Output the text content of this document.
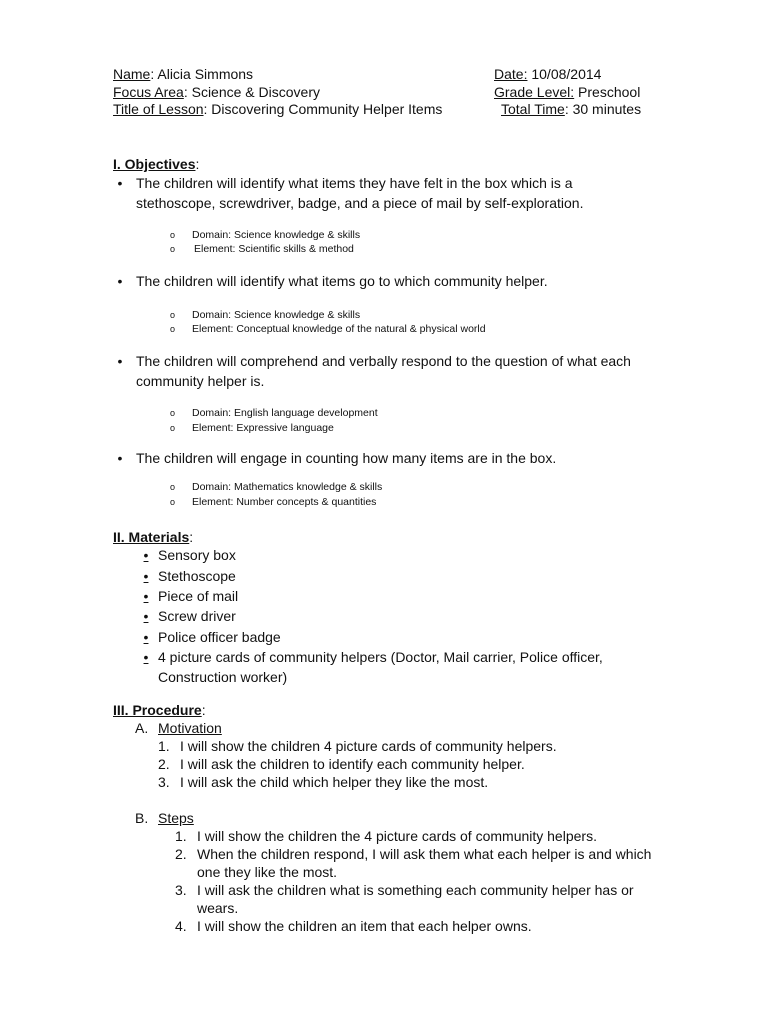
Name: Alicia Simmons	Date: 10/08/2014
Focus Area: Science & Discovery	Grade Level: Preschool
Title of Lesson: Discovering Community Helper Items	Total Time: 30 minutes
I. Objectives:
• The children will identify what items they have felt in the box which is a stethoscope, screwdriver, badge, and a piece of mail by self-exploration.
o Domain: Science knowledge & skills
o Element: Scientific skills & method
• The children will identify what items go to which community helper.
o Domain: Science knowledge & skills
o Element: Conceptual knowledge of the natural & physical world
• The children will comprehend and verbally respond to the question of what each community helper is.
o Domain: English language development
o Element: Expressive language
• The children will engage in counting how many items are in the box.
o Domain: Mathematics knowledge & skills
o Element: Number concepts & quantities
II. Materials:
• Sensory box
• Stethoscope
• Piece of mail
• Screw driver
• Police officer badge
• 4 picture cards of community helpers (Doctor, Mail carrier, Police officer, Construction worker)
III. Procedure:
A. Motivation
1. I will show the children 4 picture cards of community helpers.
2. I will ask the children to identify each community helper.
3. I will ask the child which helper they like the most.
B. Steps
1. I will show the children the 4 picture cards of community helpers.
2. When the children respond, I will ask them what each helper is and which one they like the most.
3. I will ask the children what is something each community helper has or wears.
4. I will show the children an item that each helper owns.
